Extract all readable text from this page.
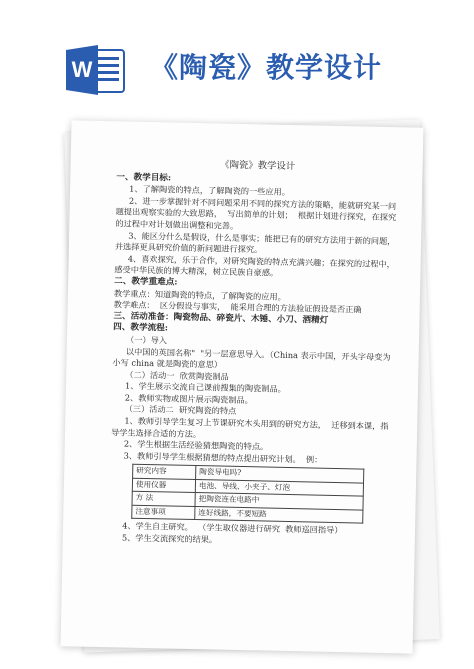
W 《陶瓷》教学设计

《陶瓷》教学设计

一、教学目标:

1、了解陶瓷的特点，了解陶瓷的一些应用。

2、进一步掌握针对不同问题采用不同的探究方法的策略，能就研究某一问题提出观察实验的大致思路，  写出简单的计划；  根据计划进行探究，在探究的过程中对计划做出调整和完善。

3、能区分什么是假设，什么是事实；能把已有的研究方法用于新的问题，并选择更具研究价值的新问题进行探究。

4、喜欢探究，乐于合作，对研究陶瓷的特点充满兴趣；在探究的过程中，感受中华民族的博大精深，树立民族自豪感。

二、教学重难点:

教学重点：知道陶瓷的特点，了解陶瓷的应用。

教学难点：  区分假设与事实，  能采用合理的方法验证假设是否正确

三、活动准备：陶瓷物品、碎瓷片、木锤、小刀、酒精灯

四、教学流程:

（一）导入

以中国的英国名称"  "另一层意思导入。（China 表示中国，开头字母变为小写 china 就是陶瓷的意思）

（二）活动一  欣赏陶瓷制品

1、学生展示交流自己课前搜集的陶瓷制品。

2、教师实物或图片展示陶瓷制品。

（三）活动二  研究陶瓷的特点

1、教师引导学生复习上节课研究木头用到的研究方法，  迁移到本课，指导学生选择合适的方法。

2、学生根据生活经验猜想陶瓷的特点。

3、教师引导学生根据猜想的特点提出研究计划。  例：

研究内容	陶瓷导电吗?
使用仪器	电池、导线、小夹子、灯泡
方 法	把陶瓷连在电路中
注意事项	连好线路，不要短路

4、学生自主研究。  （学生取仪器进行研究  教师巡回指导）

5、学生交流探究的结果。
